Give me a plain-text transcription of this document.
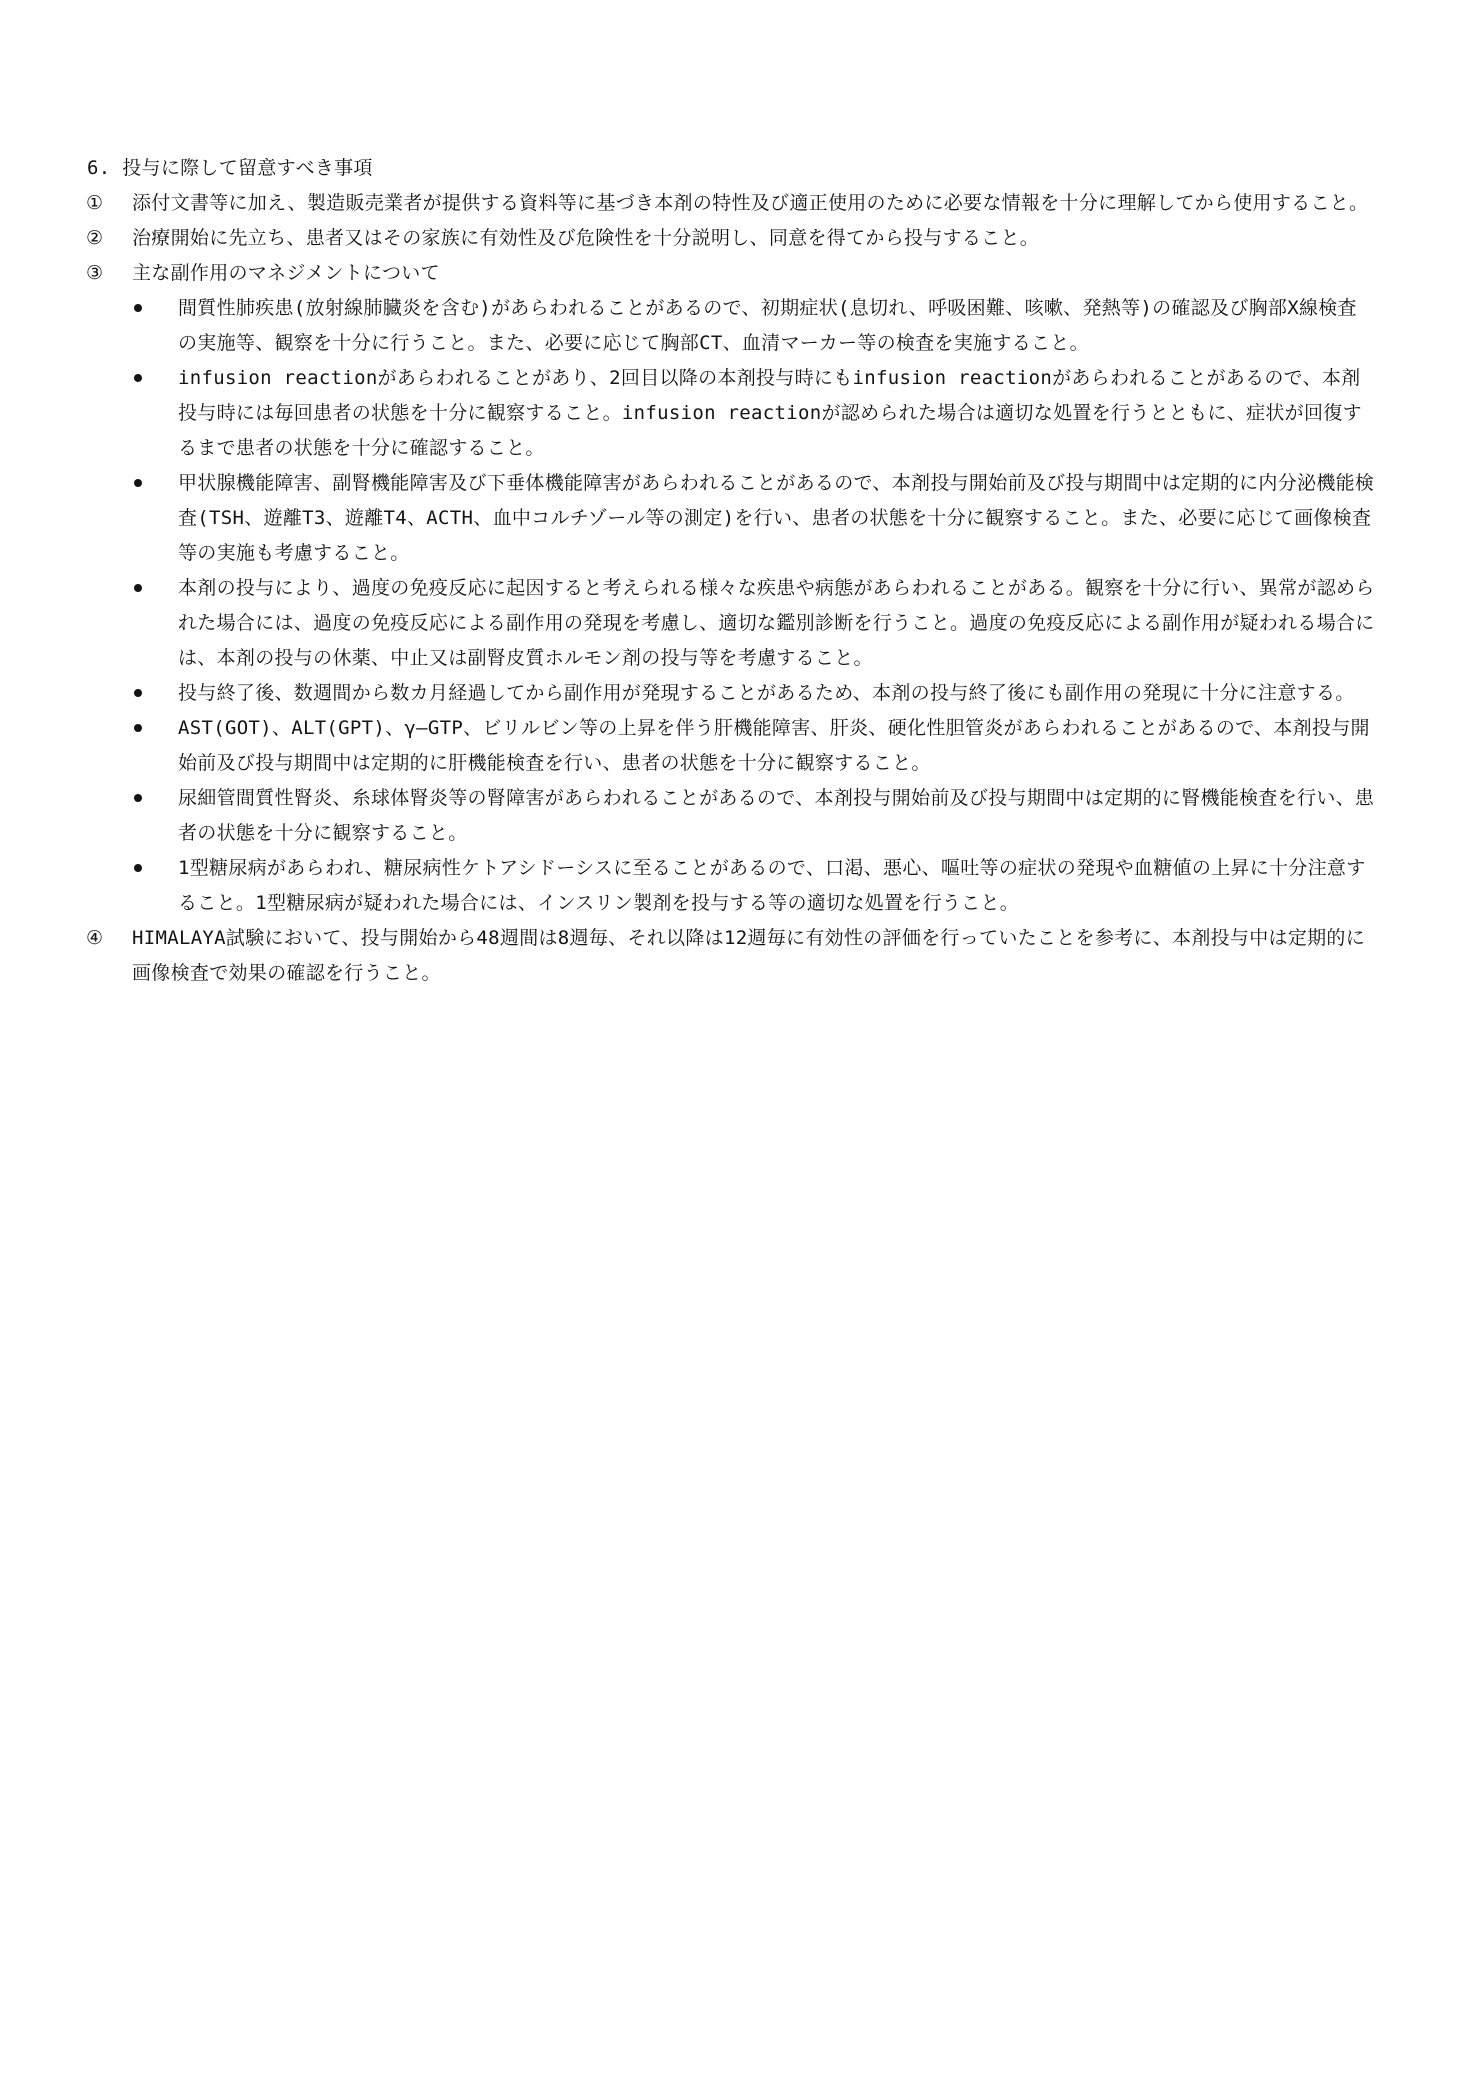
6. 投与に際して留意すべき事項

①	添付文書等に加え、製造販売業者が提供する資料等に基づき本剤の特性及び適正使用のために必要な情報を十分に理解してから使用すること。
②	治療開始に先立ち、患者又はその家族に有効性及び危険性を十分説明し、同意を得てから投与すること。
③	主な副作用のマネジメントについて
間質性肺疾患(放射線肺臓炎を含む)があらわれることがあるので、初期症状(息切れ、呼吸困難、咳嗽、発熱等)の確認及び胸部X線検査の実施等、観察を十分に行うこと。また、必要に応じて胸部CT、血清マーカー等の検査を実施すること。
infusion reactionがあらわれることがあり、2回目以降の本剤投与時にもinfusion reactionがあらわれることがあるので、本剤投与時には毎回患者の状態を十分に観察すること。infusion reactionが認められた場合は適切な処置を行うとともに、症状が回復するまで患者の状態を十分に確認すること。
甲状腺機能障害、副腎機能障害及び下垂体機能障害があらわれることがあるので、本剤投与開始前及び投与期間中は定期的に内分泌機能検査(TSH、遊離T3、遊離T4、ACTH、血中コルチゾール等の測定)を行い、患者の状態を十分に観察すること。また、必要に応じて画像検査等の実施も考慮すること。
本剤の投与により、過度の免疫反応に起因すると考えられる様々な疾患や病態があらわれることがある。観察を十分に行い、異常が認められた場合には、過度の免疫反応による副作用の発現を考慮し、適切な鑑別診断を行うこと。過度の免疫反応による副作用が疑われる場合には、本剤の投与の休薬、中止又は副腎皮質ホルモン剤の投与等を考慮すること。
投与終了後、数週間から数カ月経過してから副作用が発現することがあるため、本剤の投与終了後にも副作用の発現に十分に注意する。
AST(GOT)、ALT(GPT)、γ―GTP、ビリルビン等の上昇を伴う肝機能障害、肝炎、硬化性胆管炎があらわれることがあるので、本剤投与開始前及び投与期間中は定期的に肝機能検査を行い、患者の状態を十分に観察すること。
尿細管間質性腎炎、糸球体腎炎等の腎障害があらわれることがあるので、本剤投与開始前及び投与期間中は定期的に腎機能検査を行い、患者の状態を十分に観察すること。
1型糖尿病があらわれ、糖尿病性ケトアシドーシスに至ることがあるので、口渇、悪心、嘔吐等の症状の発現や血糖値の上昇に十分注意すること。1型糖尿病が疑われた場合には、インスリン製剤を投与する等の適切な処置を行うこと。
④	HIMALAYA試験において、投与開始から48週間は8週毎、それ以降は12週毎に有効性の評価を行っていたことを参考に、本剤投与中は定期的に画像検査で効果の確認を行うこと。
